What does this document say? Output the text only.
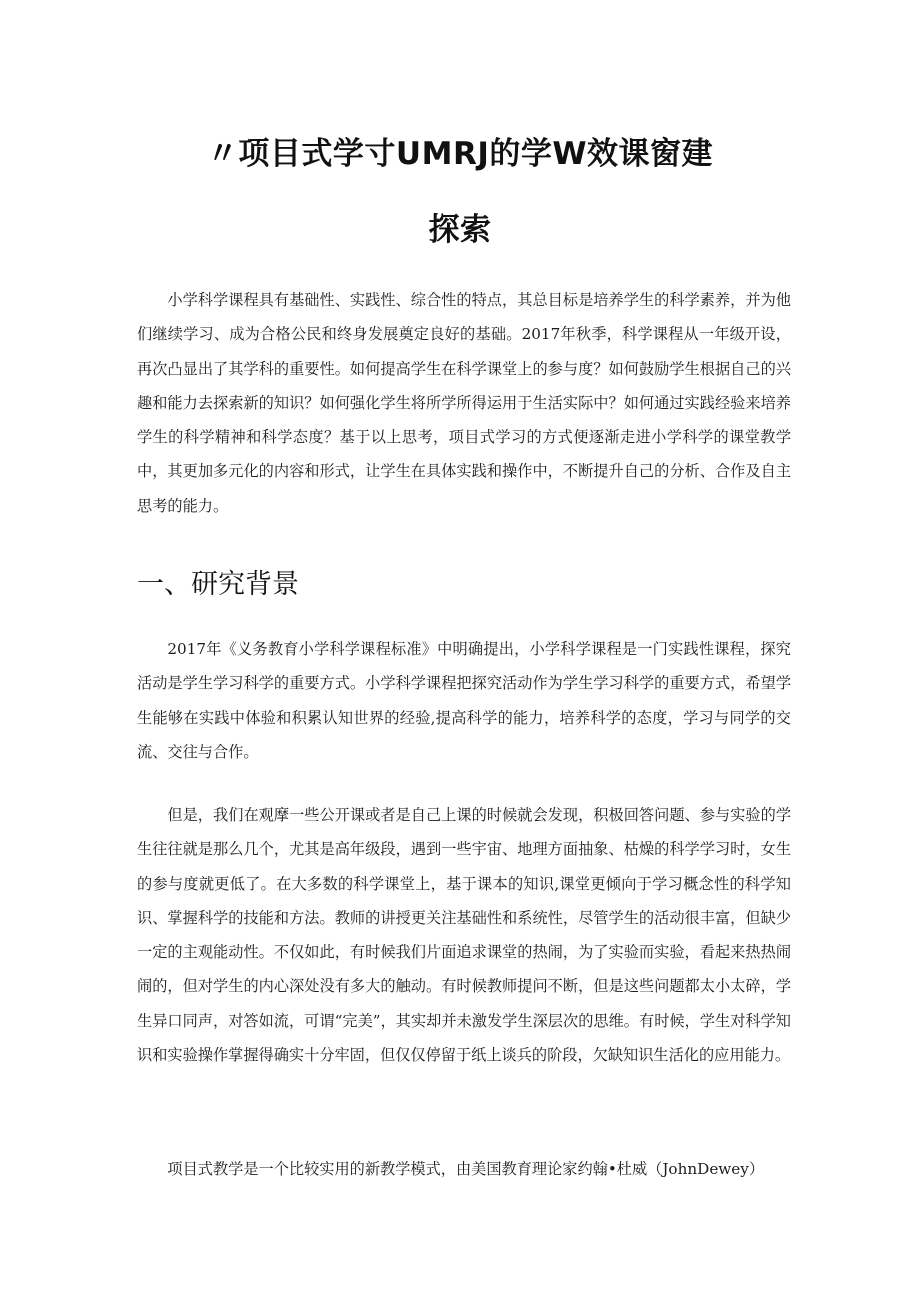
〃项目式学寸UMRJ的学W效课窗建
探索

小学科学课程具有基础性、实践性、综合性的特点，其总目标是培养学生的科学素养，并为他们继续学习、成为合格公民和终身发展奠定良好的基础。2017年秋季，科学课程从一年级开设，再次凸显出了其学科的重要性。如何提高学生在科学课堂上的参与度？如何鼓励学生根据自己的兴趣和能力去探索新的知识？如何强化学生将所学所得运用于生活实际中？如何通过实践经验来培养学生的科学精神和科学态度？基于以上思考，项目式学习的方式便逐渐走进小学科学的课堂教学中，其更加多元化的内容和形式，让学生在具体实践和操作中，不断提升自己的分析、合作及自主思考的能力。

一、研究背景

2017年《义务教育小学科学课程标准》中明确提出，小学科学课程是一门实践性课程，探究活动是学生学习科学的重要方式。小学科学课程把探究活动作为学生学习科学的重要方式，希望学生能够在实践中体验和积累认知世界的经验,提高科学的能力，培养科学的态度，学习与同学的交流、交往与合作。

但是，我们在观摩一些公开课或者是自己上课的时候就会发现，积极回答问题、参与实验的学生往往就是那么几个，尤其是高年级段，遇到一些宇宙、地理方面抽象、枯燥的科学学习时，女生的参与度就更低了。在大多数的科学课堂上，基于课本的知识,课堂更倾向于学习概念性的科学知识、掌握科学的技能和方法。教师的讲授更关注基础性和系统性，尽管学生的活动很丰富，但缺少一定的主观能动性。不仅如此，有时候我们片面追求课堂的热闹，为了实验而实验，看起来热热闹闹的，但对学生的内心深处没有多大的触动。有时候教师提问不断，但是这些问题都太小太碎，学生异口同声，对答如流，可谓“完美”，其实却并未激发学生深层次的思维。有时候，学生对科学知识和实验操作掌握得确实十分牢固，但仅仅停留于纸上谈兵的阶段，欠缺知识生活化的应用能力。

项目式教学是一个比较实用的新教学模式，由美国教育理论家约翰•杜威（JohnDewey）
